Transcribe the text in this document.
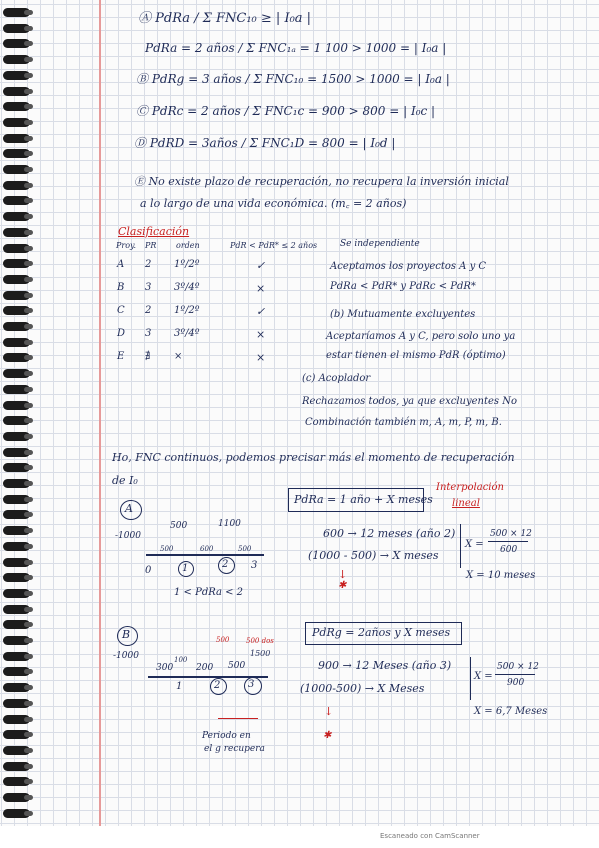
Ⓐ PdRa / Σ FNC₁₀ ≥ | I₀a |
PdRa = 2 años / Σ FNC₁ₐ = 1 100 > 1000 = | I₀a |
Ⓑ PdRg = 3 años / Σ FNC₁₀ = 1500 > 1000 = | I₀a |
Ⓒ PdRc = 2 años / Σ FNC₁c = 900 > 800 = | I₀c |
Ⓓ PdRD = 3años / Σ FNC₁D = 800 = | I₀d |
Ⓔ No existe plazo de recuperación, no recupera la inversión inicial
a lo largo de una vida económica. (m꜀ = 2 años)
Clasificación
Proy. PR orden	PdR < PdR* ≤ 2 años	Se independiente
A 2 1º/2º	✓
B 3 3º/4º	×
C 2 1º/2º	✓
D 3 3º/4º	×
E ∄ ×	×
Aceptamos los proyectos A y C
PdRa < PdR* y PdRc < PdR*
(b) Mutuamente excluyentes
Aceptaríamos A y C, pero solo uno ya
estar tienen el mismo PdR (óptimo)
(c) Acoplador
Rechazamos todos, ya que excluyentes No
Combinación también m, A, m, P, m, B.
Ho, FNC continuos, podemos precisar más el momento de recuperación
de I₀
A
PdRa = 1 año + X meses
Interpolación
lineal
-1000
500	1100
500	600	500
0	1	2 3
1 < PdRa < 2
600 → 12 meses (año 2)
(1000 - 500) → X meses
↓
✱
X =
500 × 12
600
X = 10 meses
B	PdRg = 2años y X meses
-1000	100
500 500 dos
1500
300	200 500
1	2	3
Periodo en
el g recupera
900 → 12 Meses (año 3)
(1000-500) → X Meses
↓
✱
X =
500 × 12
900
X = 6,7 Meses
Escaneado con CamScanner
